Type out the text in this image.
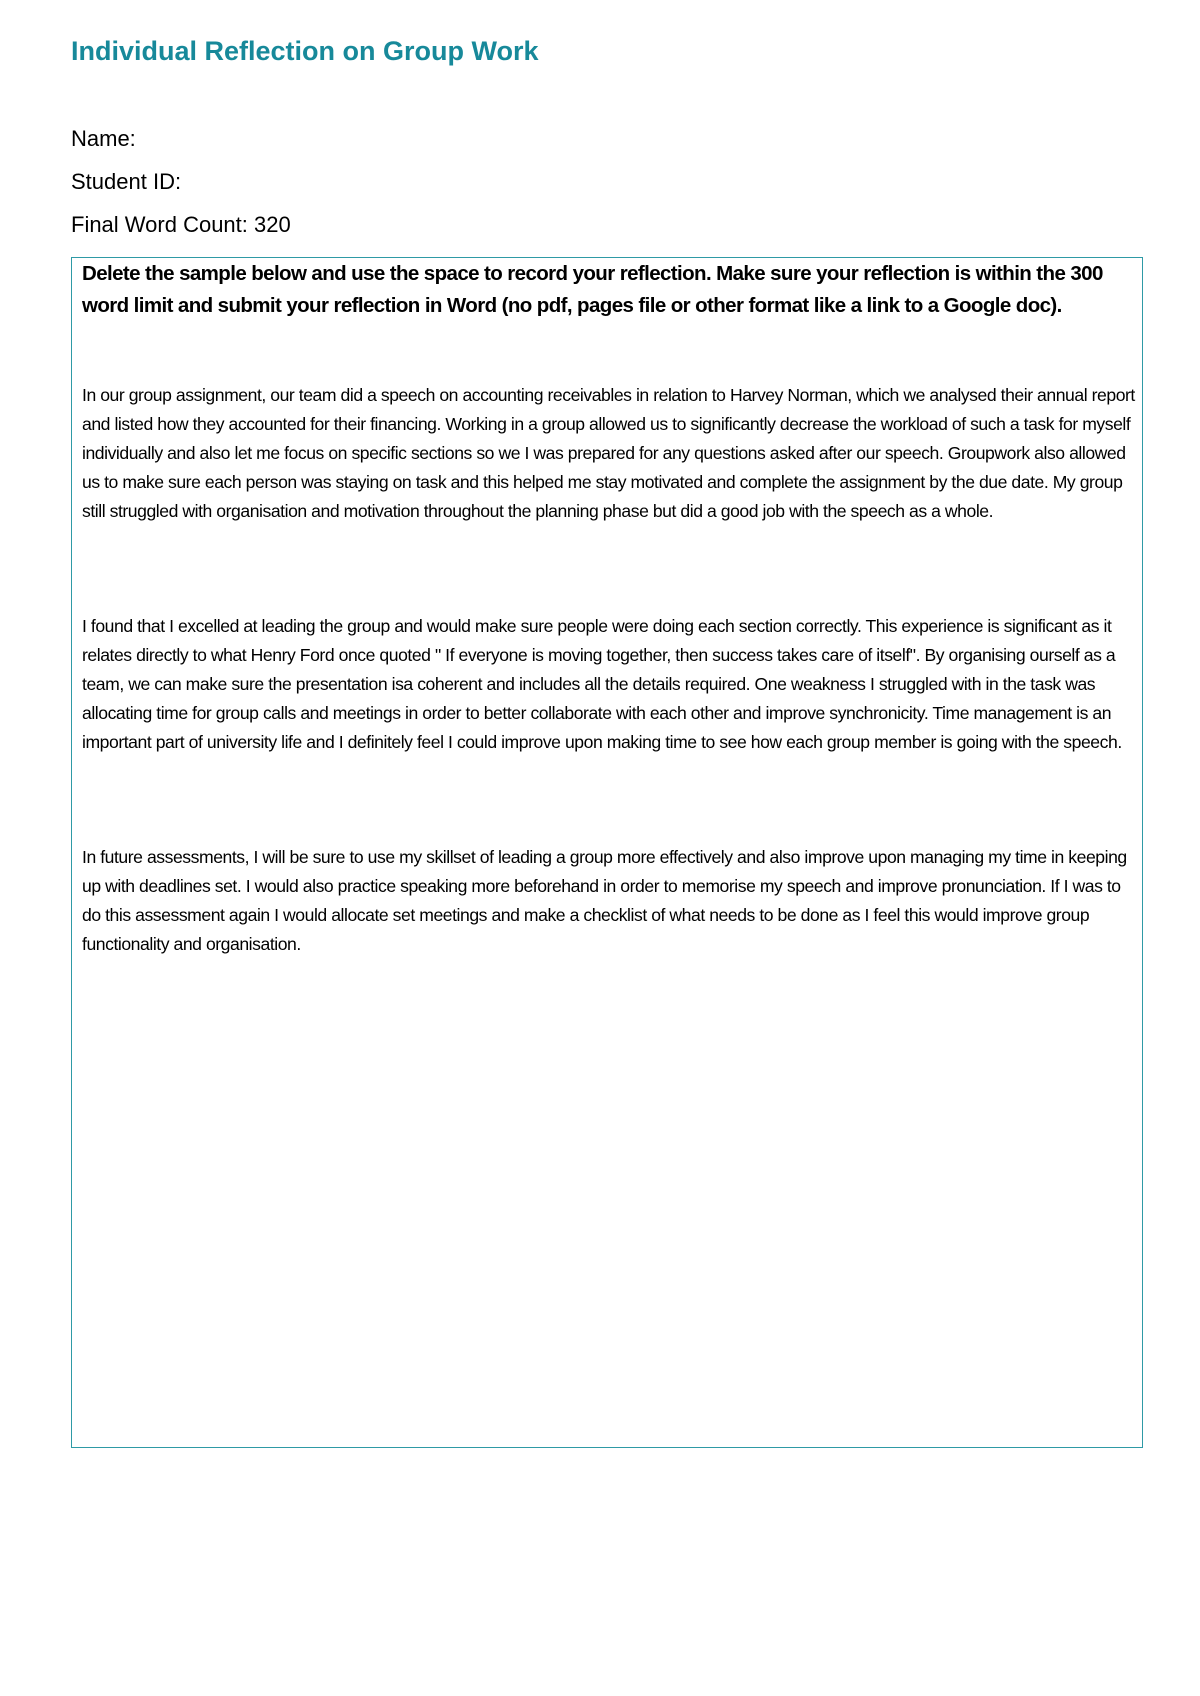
Individual Reflection on Group Work

Name:

Student ID:

Final Word Count: 320

Delete the sample below and use the space to record your reflection. Make sure your reflection is within the 300 word limit and submit your reflection in Word (no pdf, pages file or other format like a link to a Google doc).

In our group assignment, our team did a speech on accounting receivables in relation to Harvey Norman, which we analysed their annual report and listed how they accounted for their financing. Working in a group allowed us to significantly decrease the workload of such a task for myself individually and also let me focus on specific sections so we I was prepared for any questions asked after our speech. Groupwork also allowed us to make sure each person was staying on task and this helped me stay motivated and complete the assignment by the due date. My group still struggled with organisation and motivation throughout the planning phase but did a good job with the speech as a whole.

I found that I excelled at leading the group and would make sure people were doing each section correctly. This experience is significant as it relates directly to what Henry Ford once quoted " If everyone is moving together, then success takes care of itself". By organising ourself as a team, we can make sure the presentation isa coherent and includes all the details required. One weakness I struggled with in the task was allocating time for group calls and meetings in order to better collaborate with each other and improve synchronicity. Time management is an important part of university life and I definitely feel I could improve upon making time to see how each group member is going with the speech.

In future assessments, I will be sure to use my skillset of leading a group more effectively and also improve upon managing my time in keeping up with deadlines set. I would also practice speaking more beforehand in order to memorise my speech and improve pronunciation. If I was to do this assessment again I would allocate set meetings and make a checklist of what needs to be done as I feel this would improve group functionality and organisation.
